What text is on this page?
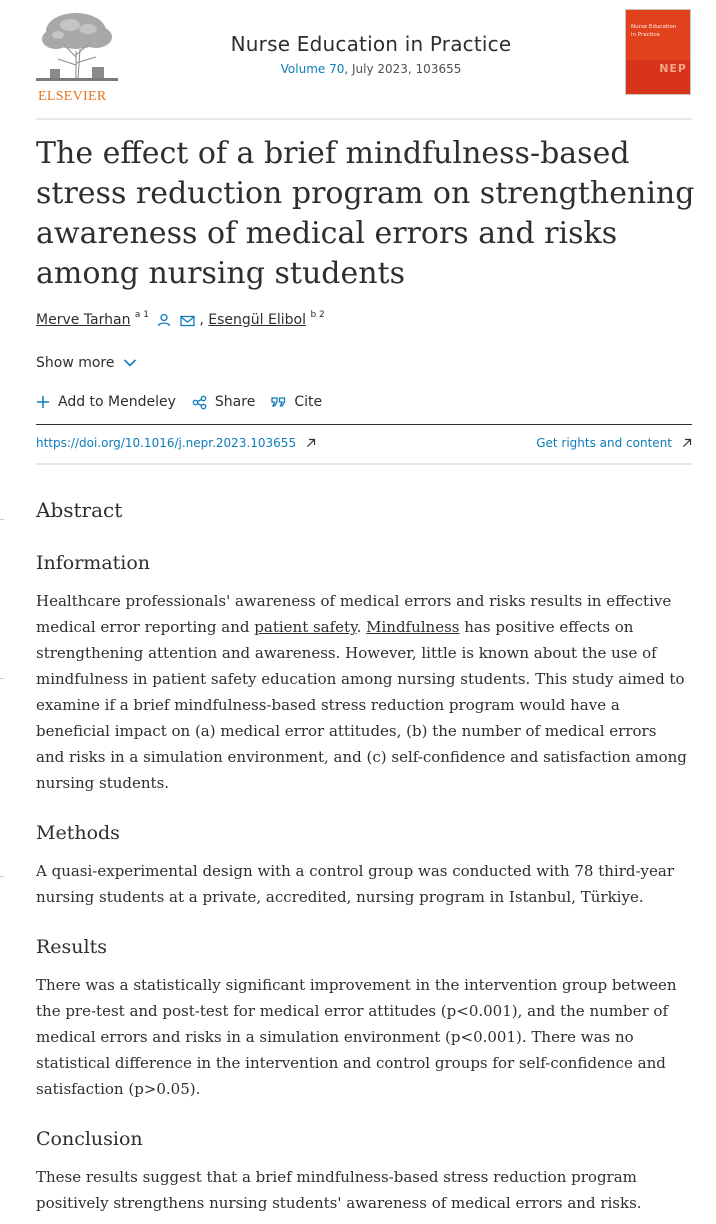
ELSEVIER
Nurse Education in Practice
Volume 70, July 2023, 103655
Nurse Education in Practice
NEP
The effect of a brief mindfulness-based stress reduction program on strengthening awareness of medical errors and risks among nursing students
Merve Tarhan $^{a 1}$	, Esengül Elibol $^{b 2}$
Show more
Add to Mendeley	Share	Cite
https://doi.org/10.1016/j.nepr.2023.103655	Get rights and content
Abstract
Information

Healthcare professionals' awareness of medical errors and risks results in effective medical error reporting and patient safety. Mindfulness has positive effects on strengthening attention and awareness. However, little is known about the use of mindfulness in patient safety education among nursing students. This study aimed to examine if a brief mindfulness-based stress reduction program would have a beneficial impact on (a) medical error attitudes, (b) the number of medical errors and risks in a simulation environment, and (c) self-confidence and satisfaction among nursing students.

Methods

A quasi-experimental design with a control group was conducted with 78 third-year nursing students at a private, accredited, nursing program in Istanbul, Türkiye.

Results

There was a statistically significant improvement in the intervention group between the pre-test and post-test for medical error attitudes (p<0.001), and the number of medical errors and risks in a simulation environment (p<0.001). There was no statistical difference in the intervention and control groups for self-confidence and satisfaction (p>0.05).

Conclusion

These results suggest that a brief mindfulness-based stress reduction program positively strengthens nursing students' awareness of medical errors and risks.
